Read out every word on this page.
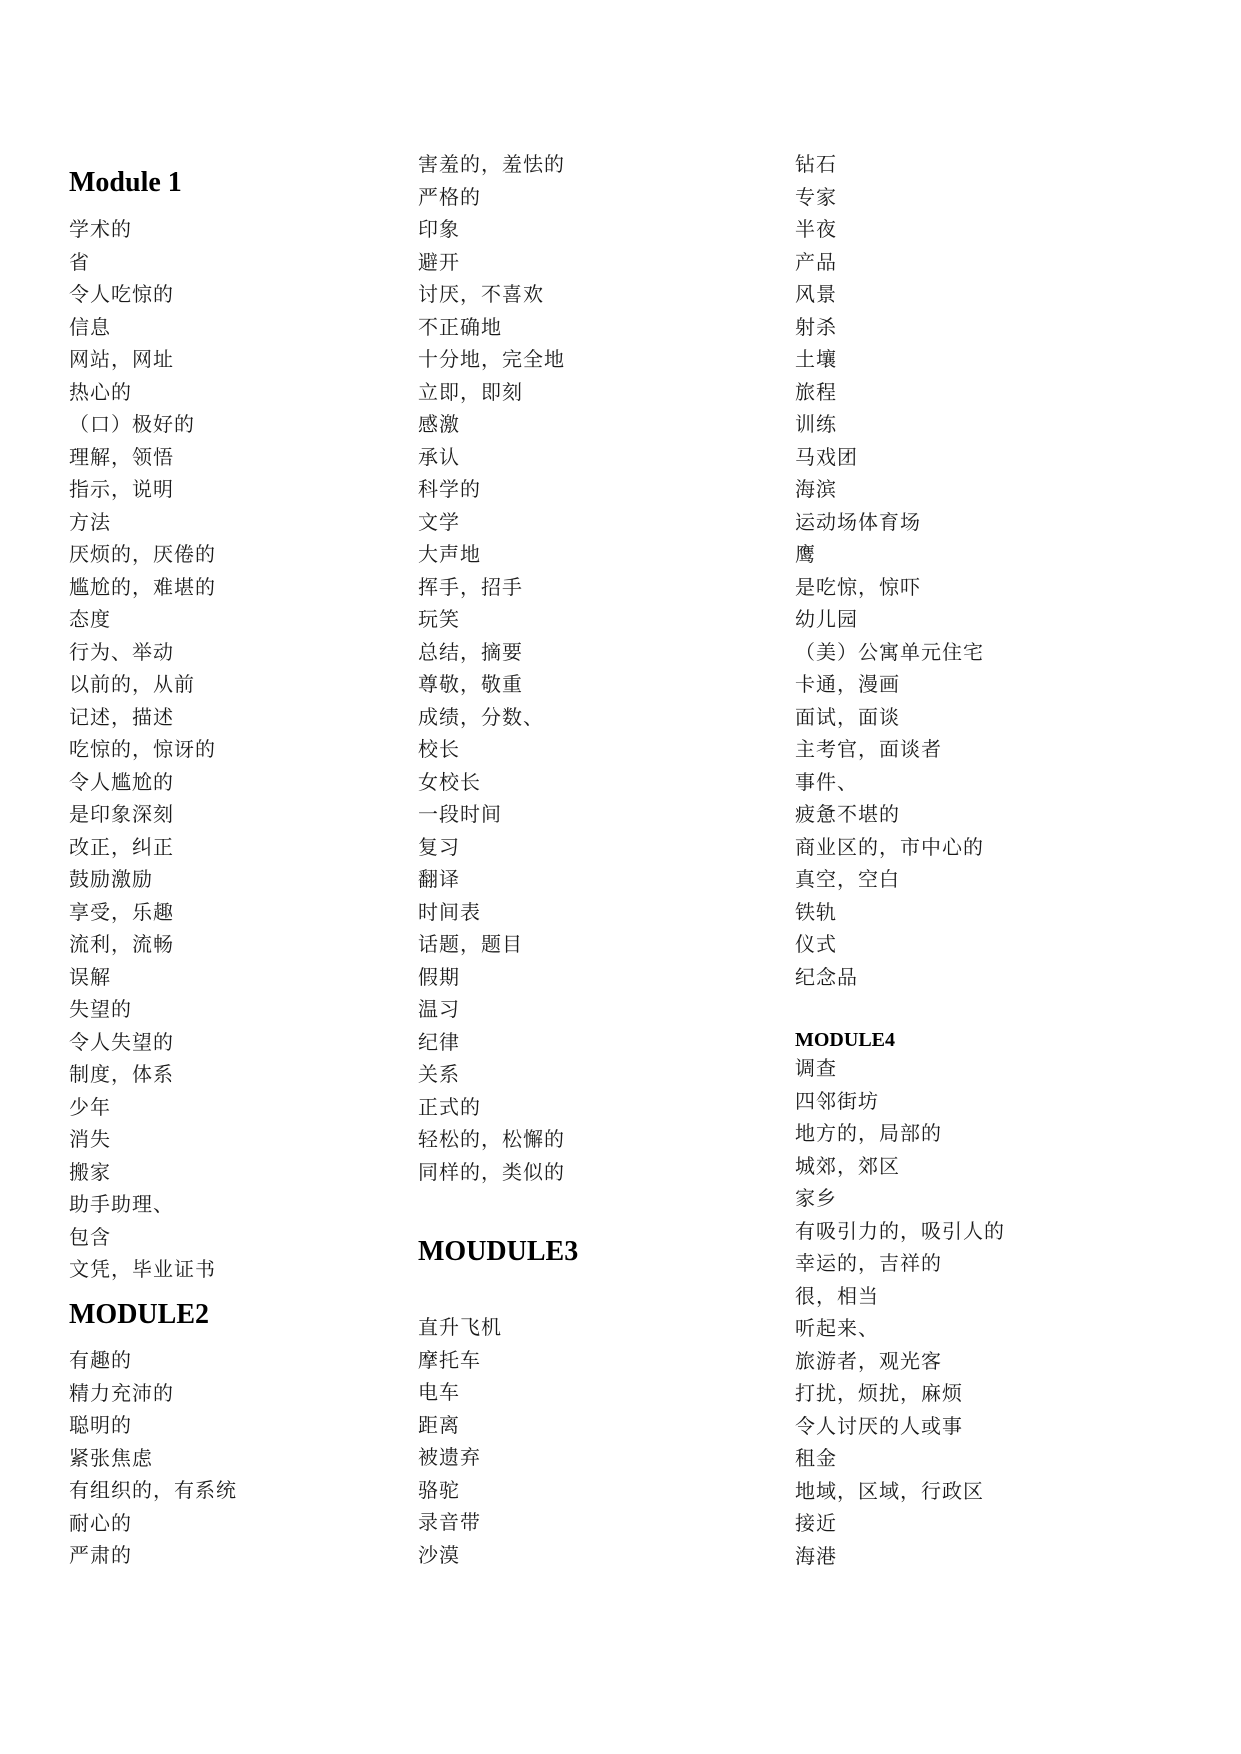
Module 1
学术的
省
令人吃惊的
信息
网站，网址
热心的
（口）极好的
理解，领悟
指示，说明
方法
厌烦的，厌倦的
尴尬的，难堪的
态度
行为、举动
以前的，从前
记述，描述
吃惊的，惊讶的
令人尴尬的
是印象深刻
改正，纠正
鼓励激励
享受，乐趣
流利，流畅
误解
失望的
令人失望的
制度，体系
少年
消失
搬家
助手助理、
包含
文凭，毕业证书
MODULE2
有趣的
精力充沛的
聪明的
紧张焦虑
有组织的，有系统
耐心的
严肃的
害羞的，羞怯的
严格的
印象
避开
讨厌，不喜欢
不正确地
十分地，完全地
立即，即刻
感激
承认
科学的
文学
大声地
挥手，招手
玩笑
总结，摘要
尊敬，敬重
成绩，分数、
校长
女校长
一段时间
复习
翻译
时间表
话题，题目
假期
温习
纪律
关系
正式的
轻松的，松懈的
同样的，类似的
MOUDULE3
直升飞机
摩托车
电车
距离
被遗弃
骆驼
录音带
沙漠
钻石
专家
半夜
产品
风景
射杀
土壤
旅程
训练
马戏团
海滨
运动场体育场
鹰
是吃惊，惊吓
幼儿园
（美）公寓单元住宅
卡通，漫画
面试，面谈
主考官，面谈者
事件、
疲惫不堪的
商业区的，市中心的
真空，空白
铁轨
仪式
纪念品
MODULE4
调查
四邻街坊
地方的，局部的
城郊，郊区
家乡
有吸引力的，吸引人的
幸运的，吉祥的
很，相当
听起来、
旅游者，观光客
打扰，烦扰，麻烦
令人讨厌的人或事
租金
地域，区域，行政区
接近
海港
